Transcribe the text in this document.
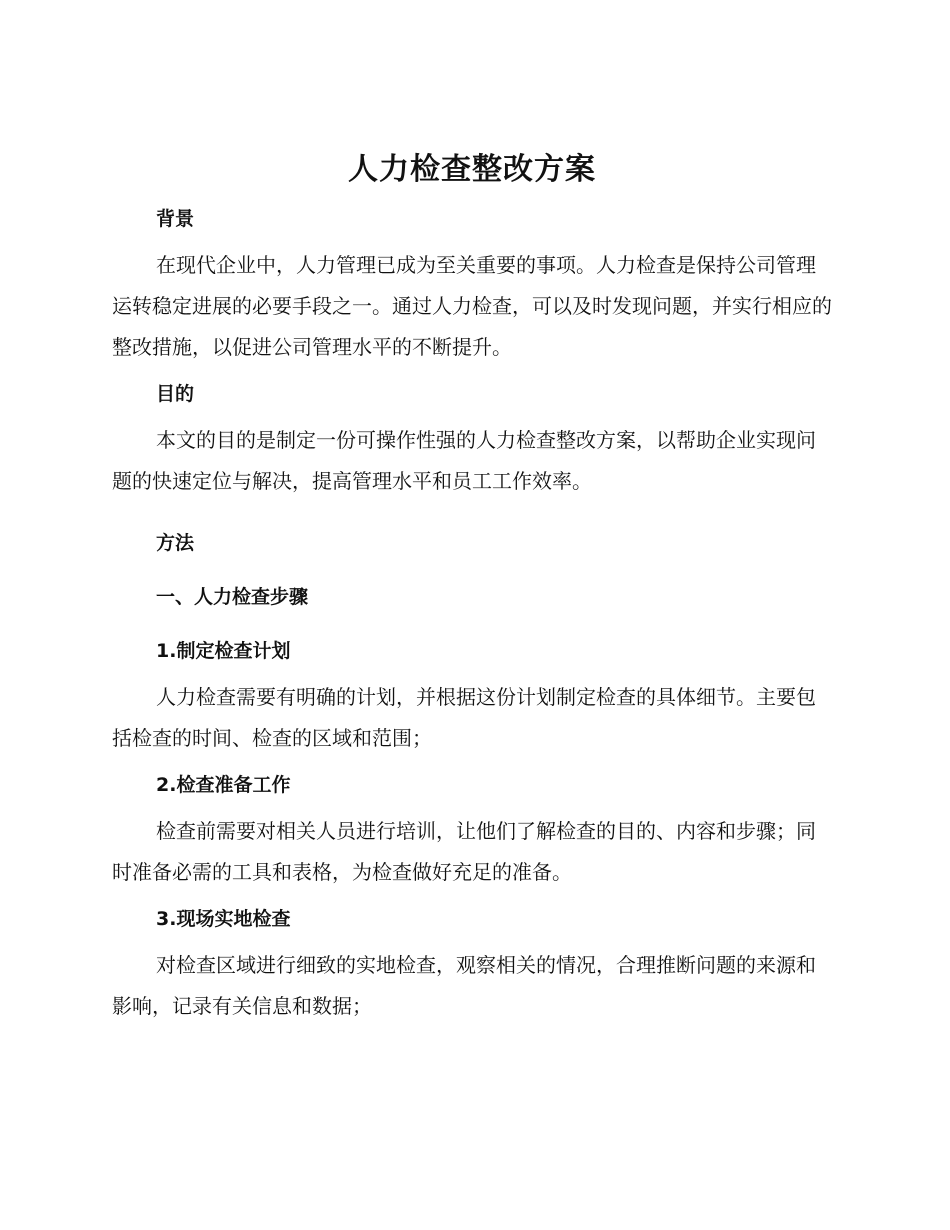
人力检查整改方案
背景

在现代企业中，人力管理已成为至关重要的事项。人力检查是保持公司管理运转稳定进展的必要手段之一。通过人力检查，可以及时发现问题，并实行相应的整改措施，以促进公司管理水平的不断提升。

目的

本文的目的是制定一份可操作性强的人力检查整改方案，以帮助企业实现问题的快速定位与解决，提高管理水平和员工工作效率。

方法
一、人力检查步骤
1.制定检查计划

人力检查需要有明确的计划，并根据这份计划制定检查的具体细节。主要包括检查的时间、检查的区域和范围；

2.检查准备工作

检查前需要对相关人员进行培训，让他们了解检查的目的、内容和步骤；同时准备必需的工具和表格，为检查做好充足的准备。

3.现场实地检查

对检查区域进行细致的实地检查，观察相关的情况，合理推断问题的来源和影响，记录有关信息和数据；
